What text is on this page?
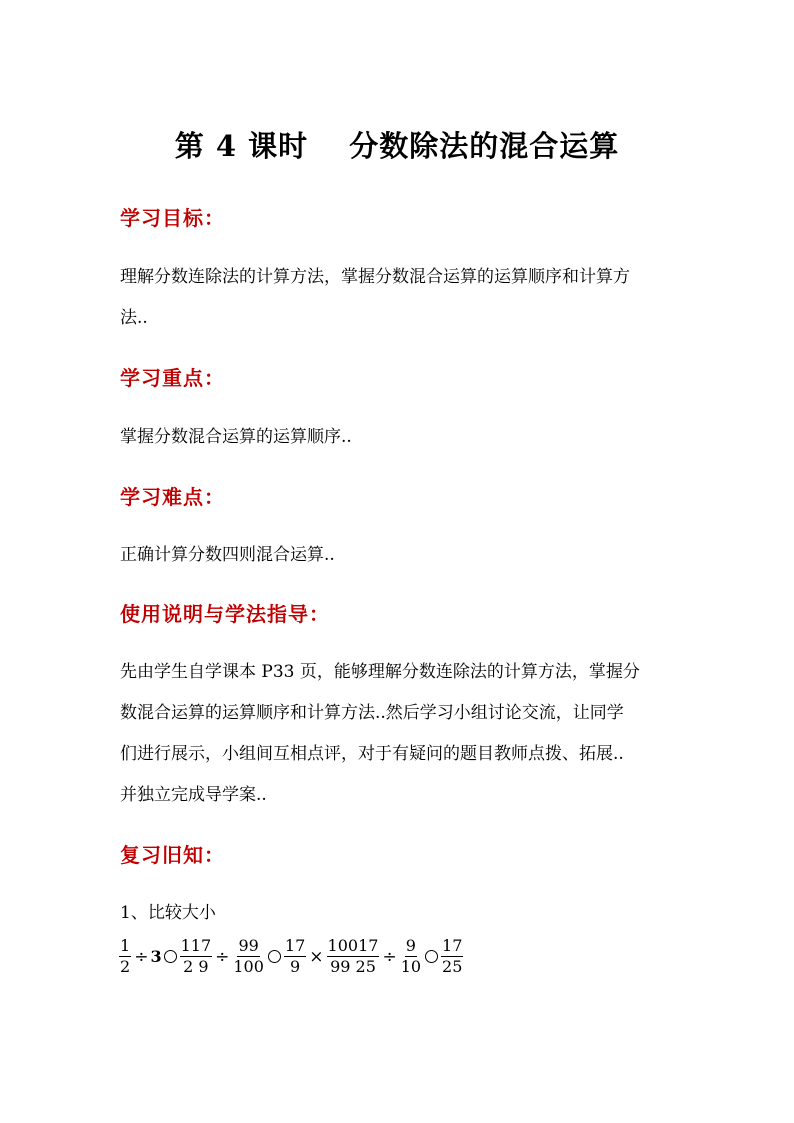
第 4 课时　 分数除法的混合运算
学习目标：
理解分数连除法的计算方法，掌握分数混合运算的运算顺序和计算方
法..
学习重点：
掌握分数混合运算的运算顺序..
学习难点：
正确计算分数四则混合运算..
使用说明与学法指导：
先由学生自学课本 P33 页，能够理解分数连除法的计算方法，掌握分
数混合运算的运算顺序和计算方法..然后学习小组讨论交流，让同学
们进行展示，小组间互相点评，对于有疑问的题目教师点拨、拓展..
并独立完成导学案..
复习旧知：
1、比较大小
$\frac{1}{2} \div 3 \frac{117}{2 9} \div \frac{99}{100} \frac{17}{9} \times \frac{10017}{99 25} \div \frac{9}{10} \frac{17}{25}$
